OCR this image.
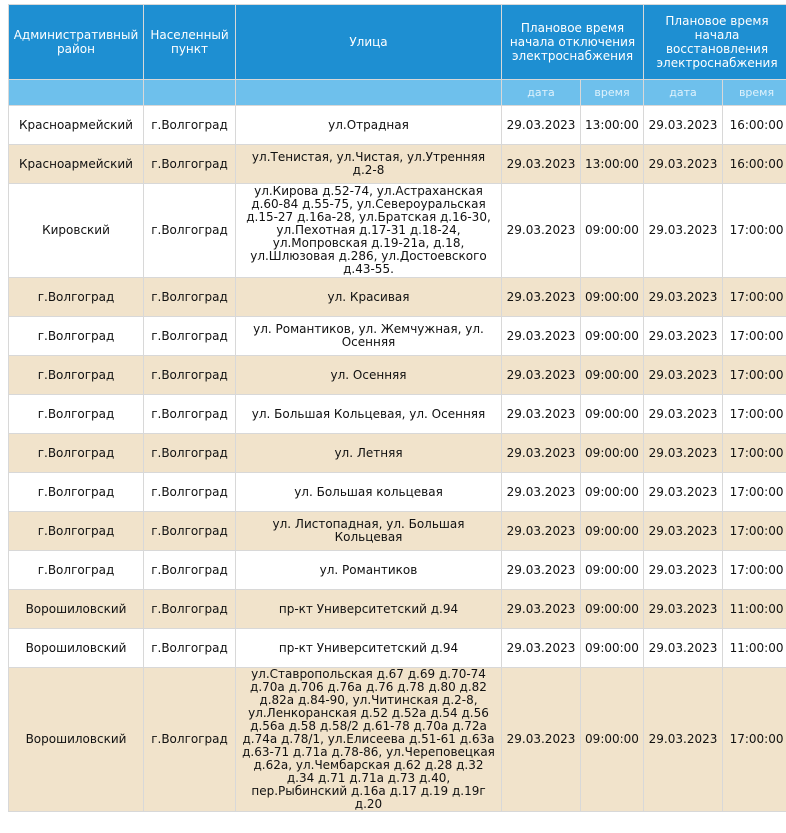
Административный район	Населенный пункт	Улица	Плановое время начала отключения электроснабжения		Плановое время начала восстановления электроснабжения	
			дата	время	дата	время
Красноармейский	г.Волгоград	ул.Отрадная	29.03.2023	13:00:00	29.03.2023	16:00:00
Красноармейский	г.Волгоград	ул.Тенистая, ул.Чистая, ул.Утренняя д.2-8	29.03.2023	13:00:00	29.03.2023	16:00:00
Кировский	г.Волгоград	ул.Кирова д.52-74, ул.Астраханская д.60-84 д.55-75, ул.Североуральская д.15-27 д.16а-28, ул.Братская д.16-30, ул.Пехотная д.17-31 д.18-24, ул.Мопровская д.19-21а, д.18, ул.Шлюзовая д.286, ул.Достоевского д.43-55.	29.03.2023	09:00:00	29.03.2023	17:00:00
г.Волгоград	г.Волгоград	ул. Красивая	29.03.2023	09:00:00	29.03.2023	17:00:00
г.Волгоград	г.Волгоград	ул. Романтиков, ул. Жемчужная, ул. Осенняя	29.03.2023	09:00:00	29.03.2023	17:00:00
г.Волгоград	г.Волгоград	ул. Осенняя	29.03.2023	09:00:00	29.03.2023	17:00:00
г.Волгоград	г.Волгоград	ул. Большая Кольцевая, ул. Осенняя	29.03.2023	09:00:00	29.03.2023	17:00:00
г.Волгоград	г.Волгоград	ул. Летняя	29.03.2023	09:00:00	29.03.2023	17:00:00
г.Волгоград	г.Волгоград	ул. Большая кольцевая	29.03.2023	09:00:00	29.03.2023	17:00:00
г.Волгоград	г.Волгоград	ул. Листопадная, ул. Большая Кольцевая	29.03.2023	09:00:00	29.03.2023	17:00:00
г.Волгоград	г.Волгоград	ул. Романтиков	29.03.2023	09:00:00	29.03.2023	17:00:00
Ворошиловский	г.Волгоград	пр-кт Университетский д.94	29.03.2023	09:00:00	29.03.2023	11:00:00
Ворошиловский	г.Волгоград	пр-кт Университетский д.94	29.03.2023	09:00:00	29.03.2023	11:00:00
Ворошиловский	г.Волгоград	ул.Ставропольская д.67 д.69 д.70-74 д.70а д.706 д.76а д.76 д.78 д.80 д.82 д.82а д.84-90, ул.Читинская д.2-8, ул.Ленкоранская д.52 д.52а д.54 д.56 д.56а д.58 д.58/2 д.61-78 д.70а д.72а д.74а д.78/1, ул.Елисеева д.51-61 д.63а д.63-71 д.71а д.78-86, ул.Череповецкая д.62а, ул.Чембарская д.62 д.28 д.32 д.34 д.71 д.71а д.73 д.40, пер.Рыбинский д.16а д.17 д.19 д.19г д.20	29.03.2023	09:00:00	29.03.2023	17:00:00
